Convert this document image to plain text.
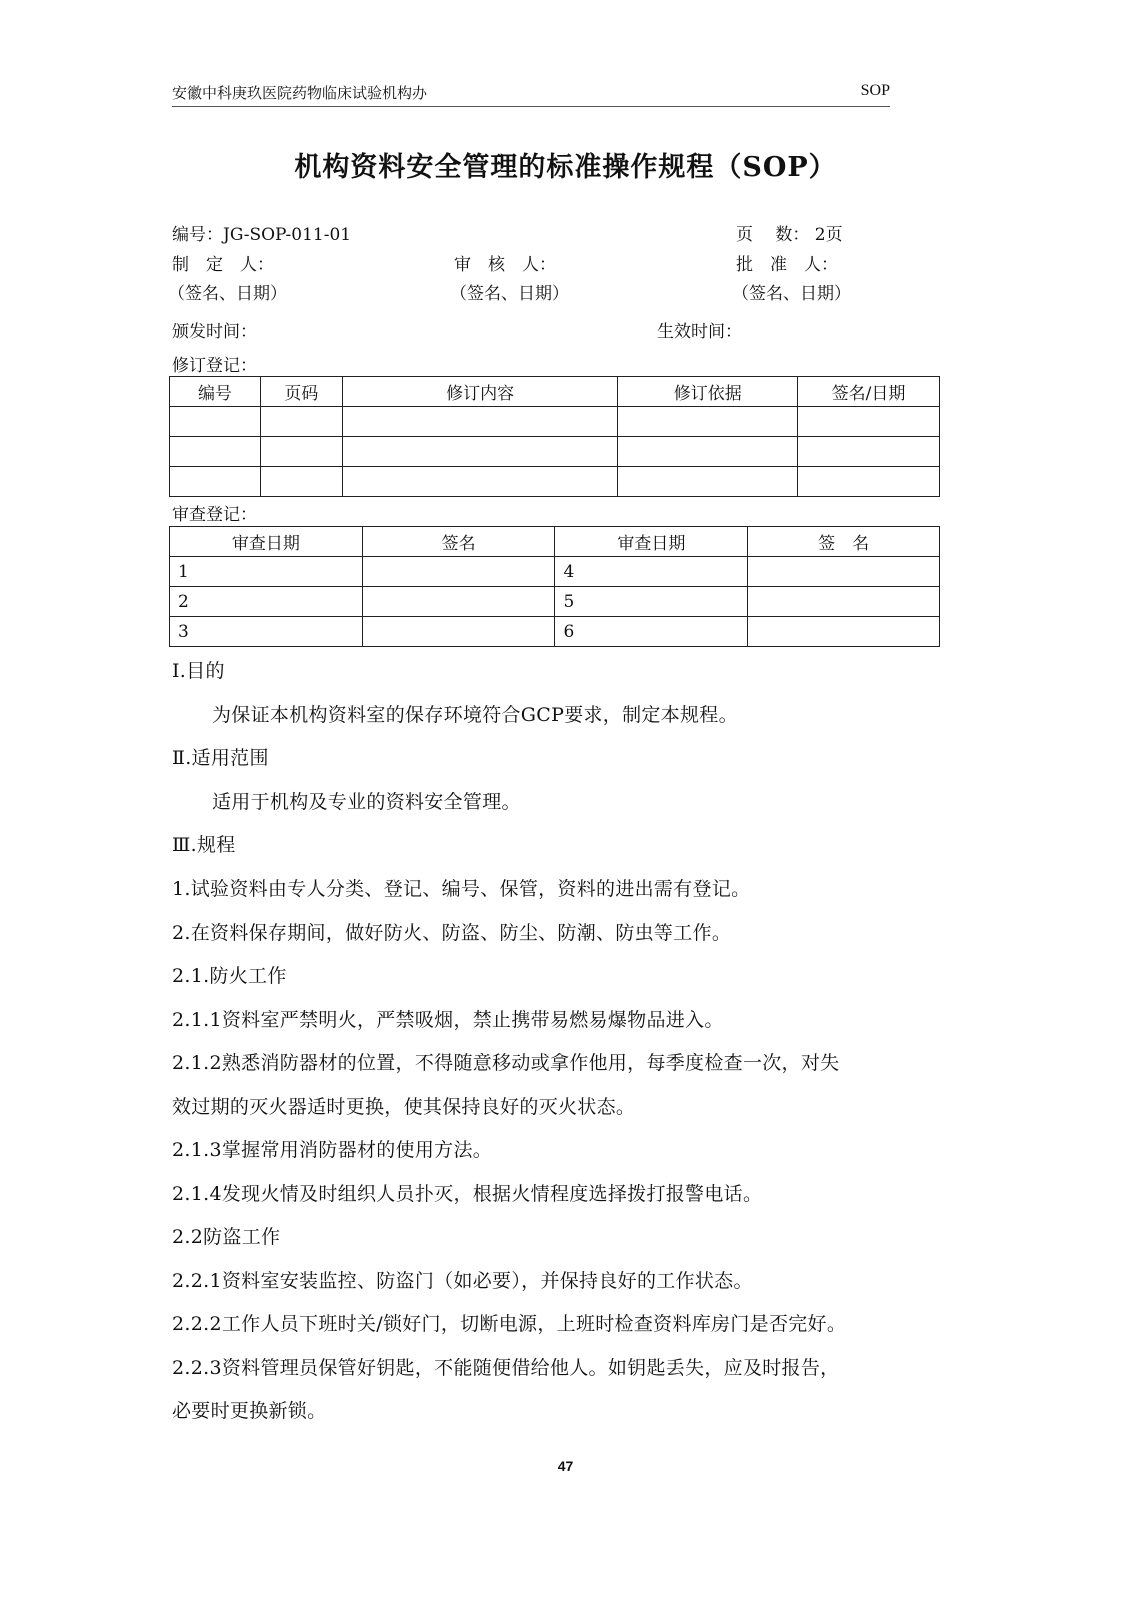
安徽中科庚玖医院药物临床试验机构办	SOP
机构资料安全管理的标准操作规程（SOP）
编号：JG-SOP-011-01	页　 数： 2页
制　定　人：	审　核　人：	批　准　人：
（签名、日期）	（签名、日期）	（签名、日期）
颁发时间：	生效时间：
修订登记：
编号	页码	修订内容	修订依据	签名/日期

审查登记：
审查日期	签名	审查日期	签　名
1		4	
2		5	
3		6	
Ⅰ.目的
为保证本机构资料室的保存环境符合GCP要求，制定本规程。
Ⅱ.适用范围
适用于机构及专业的资料安全管理。
Ⅲ.规程
1.试验资料由专人分类、登记、编号、保管，资料的进出需有登记。
2.在资料保存期间，做好防火、防盗、防尘、防潮、防虫等工作。
2.1.防火工作
2.1.1资料室严禁明火，严禁吸烟，禁止携带易燃易爆物品进入。
2.1.2熟悉消防器材的位置，不得随意移动或拿作他用，每季度检查一次，对失
效过期的灭火器适时更换，使其保持良好的灭火状态。
2.1.3掌握常用消防器材的使用方法。
2.1.4发现火情及时组织人员扑灭，根据火情程度选择拨打报警电话。
2.2防盗工作
2.2.1资料室安装监控、防盗门（如必要），并保持良好的工作状态。
2.2.2工作人员下班时关/锁好门，切断电源，上班时检查资料库房门是否完好。
2.2.3资料管理员保管好钥匙，不能随便借给他人。如钥匙丢失，应及时报告，
必要时更换新锁。
47
